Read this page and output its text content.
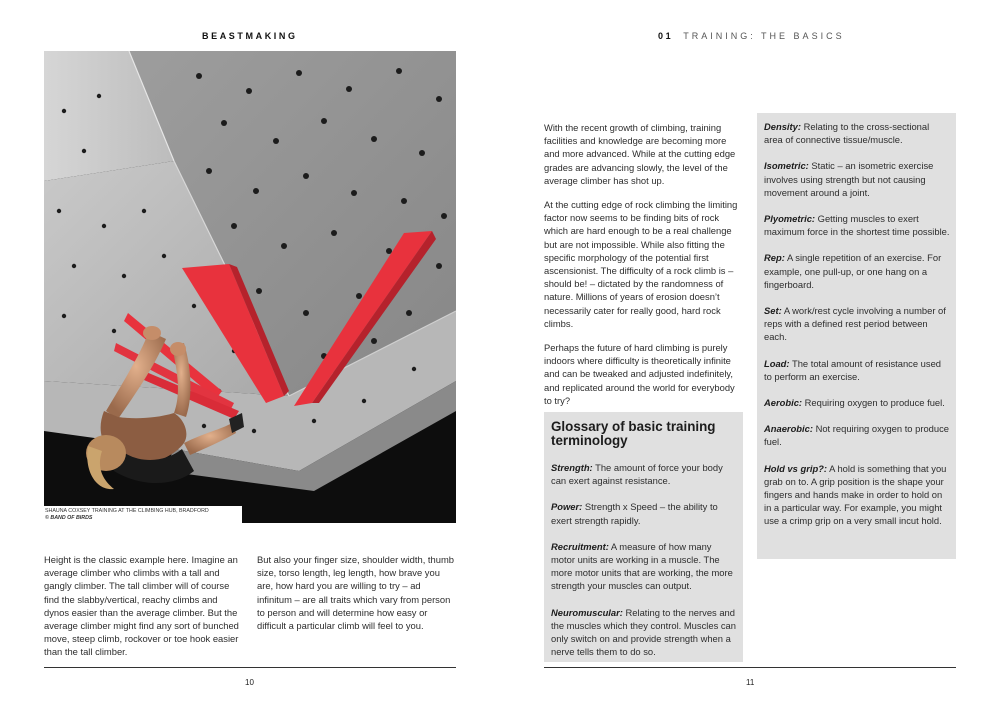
BEASTMAKING
SHAUNA COXSEY TRAINING AT THE CLIMBING HUB, BRADFORD
© BAND OF BIRDS
Height is the classic example here. Imagine an average climber who climbs with a tall and gangly climber. The tall climber will of course find the slabby/vertical, reachy climbs and dynos easier than the average climber. But the average climber might find any sort of bunched move, steep climb, rockover or toe hook easier than the tall climber.
But also your finger size, shoulder width, thumb size, torso length, leg length, how brave you are, how hard you are willing to try – ad infinitum – are all traits which vary from person to person and will determine how easy or difficult a particular climb will feel to you.
10
01 TRAINING: THE BASICS

With the recent growth of climbing, training facilities and knowledge are becoming more and more advanced. While at the cutting edge grades are advancing slowly, the level of the average climber has shot up.

At the cutting edge of rock climbing the limiting factor now seems to be finding bits of rock which are hard enough to be a real challenge but are not impossible. While also fitting the specific morphology of the potential first ascensionist. The difficulty of a rock climb is – should be! – dictated by the randomness of nature. Millions of years of erosion doesn’t necessarily cater for really good, hard rock climbs.

Perhaps the future of hard climbing is purely indoors where difficulty is theoretically infinite and can be tweaked and adjusted indefinitely, and replicated around the world for everybody to try?

Glossary of basic training terminology
Strength: The amount of force your body can exert against resistance.
Power: Strength x Speed – the ability to exert strength rapidly.
Recruitment: A measure of how many motor units are working in a muscle. The more motor units that are working, the more strength your muscles can output.
Neuromuscular: Relating to the nerves and the muscles which they control. Muscles can only switch on and provide strength when a nerve tells them to do so.
Density: Relating to the cross-sectional area of connective tissue/muscle.
Isometric: Static – an isometric exercise involves using strength but not causing movement around a joint.
Plyometric: Getting muscles to exert maximum force in the shortest time possible.
Rep: A single repetition of an exercise. For example, one pull-up, or one hang on a fingerboard.
Set: A work/rest cycle involving a number of reps with a defined rest period between each.
Load: The total amount of resistance used to perform an exercise.
Aerobic: Requiring oxygen to produce fuel.
Anaerobic: Not requiring oxygen to produce fuel.
Hold vs grip?: A hold is something that you grab on to. A grip position is the shape your fingers and hands make in order to hold on in a particular way. For example, you might use a crimp grip on a very small incut hold.
11
